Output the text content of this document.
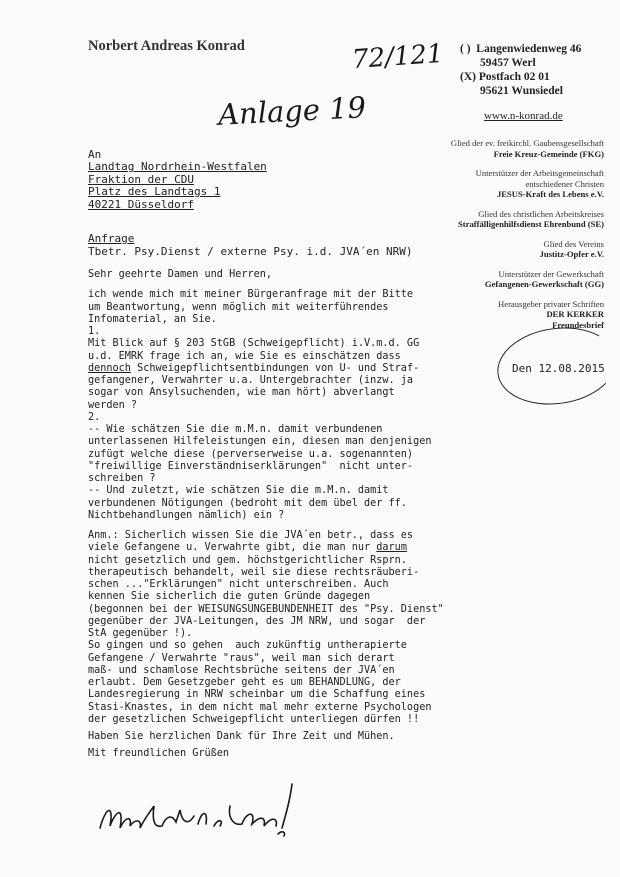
Norbert Andreas Konrad	72/121
Anlage 19
( ) Langenwiedenweg 46
59457 Werl
(X) Postfach 02 01
95621 Wunsiedel
www.n-konrad.de
Glied der ev. freikirchl. Gaubensgesellschaft
Freie Kreuz-Gemeinde (FKG)
Unterstützer der Arbeitsgemeinschaft
entschiedener Christen
JESUS-Kraft des Lebens e.V.
Glied des christlichen Arbeitskreises
Straffälligenhilfsdienst Ehrenbund (SE)
Glied des Vereins
Justitz-Opfer e.V.
Unterstützer der Gewerkschaft
Gefangenen-Gewerkschaft (GG)
Herausgeber privater Schriften
DER KERKER
Freundesbrief
Den 12.08.2015
An
Landtag Nordrhein-Westfalen
Fraktion der CDU
Platz des Landtags 1
40221 Düsseldorf
Anfrage
Tbetr. Psy.Dienst / externe Psy. i.d. JVA´en NRW)
Sehr geehrte Damen und Herren,
ich wende mich mit meiner Bürgeranfrage mit der Bitte
um Beantwortung, wenn möglich mit weiterführendes
Infomaterial, an Sie.
1.
Mit Blick auf § 203 StGB (Schweigepflicht) i.V.m.d. GG
u.d. EMRK frage ich an, wie Sie es einschätzen dass
dennoch Schweigepflichtsentbindungen von U- und Straf-
gefangener, Verwahrter u.a. Untergebrachter (inzw. ja
sogar von Ansylsuchenden, wie man hört) abverlangt
werden ?
2.
-- Wie schätzen Sie die m.M.n. damit verbundenen
unterlassenen Hilfeleistungen ein, diesen man denjenigen
zufügt welche diese (perverserweise u.a. sogenannten)
"freiwillige Einverständniserklärungen"  nicht unter-
schreiben ?
-- Und zuletzt, wie schätzen Sie die m.M.n. damit
verbundenen Nötigungen (bedroht mit dem übel der ff.
Nichtbehandlungen nämlich) ein ?
Anm.: Sicherlich wissen Sie die JVA´en betr., dass es
viele Gefangene u. Verwahrte gibt, die man nur darum
nicht gesetzlich und gem. höchstgerichtlicher Rsprn.
therapeutisch behandelt, weil sie diese rechtsräuberi-
schen ..."Erklärungen" nicht unterschreiben. Auch
kennen Sie sicherlich die guten Gründe dagegen
(begonnen bei der WEISUNGSUNGEBUNDENHEIT des "Psy. Dienst"
gegenüber der JVA-Leitungen, des JM NRW, und sogar  der
StA gegenüber !).
So gingen und so gehen  auch zukünftig untherapierte
Gefangene / Verwahrte "raus", weil man sich derart
maß- und schamlose Rechtsbrüche seitens der JVA´en
erlaubt. Dem Gesetzgeber geht es um BEHANDLUNG, der
Landesregierung in NRW scheinbar um die Schaffung eines
Stasi-Knastes, in dem nicht mal mehr externe Psychologen
der gesetzlichen Schweigepflicht unterliegen dürfen !!
Haben Sie herzlichen Dank für Ihre Zeit und Mühen.
Mit freundlichen Grüßen
